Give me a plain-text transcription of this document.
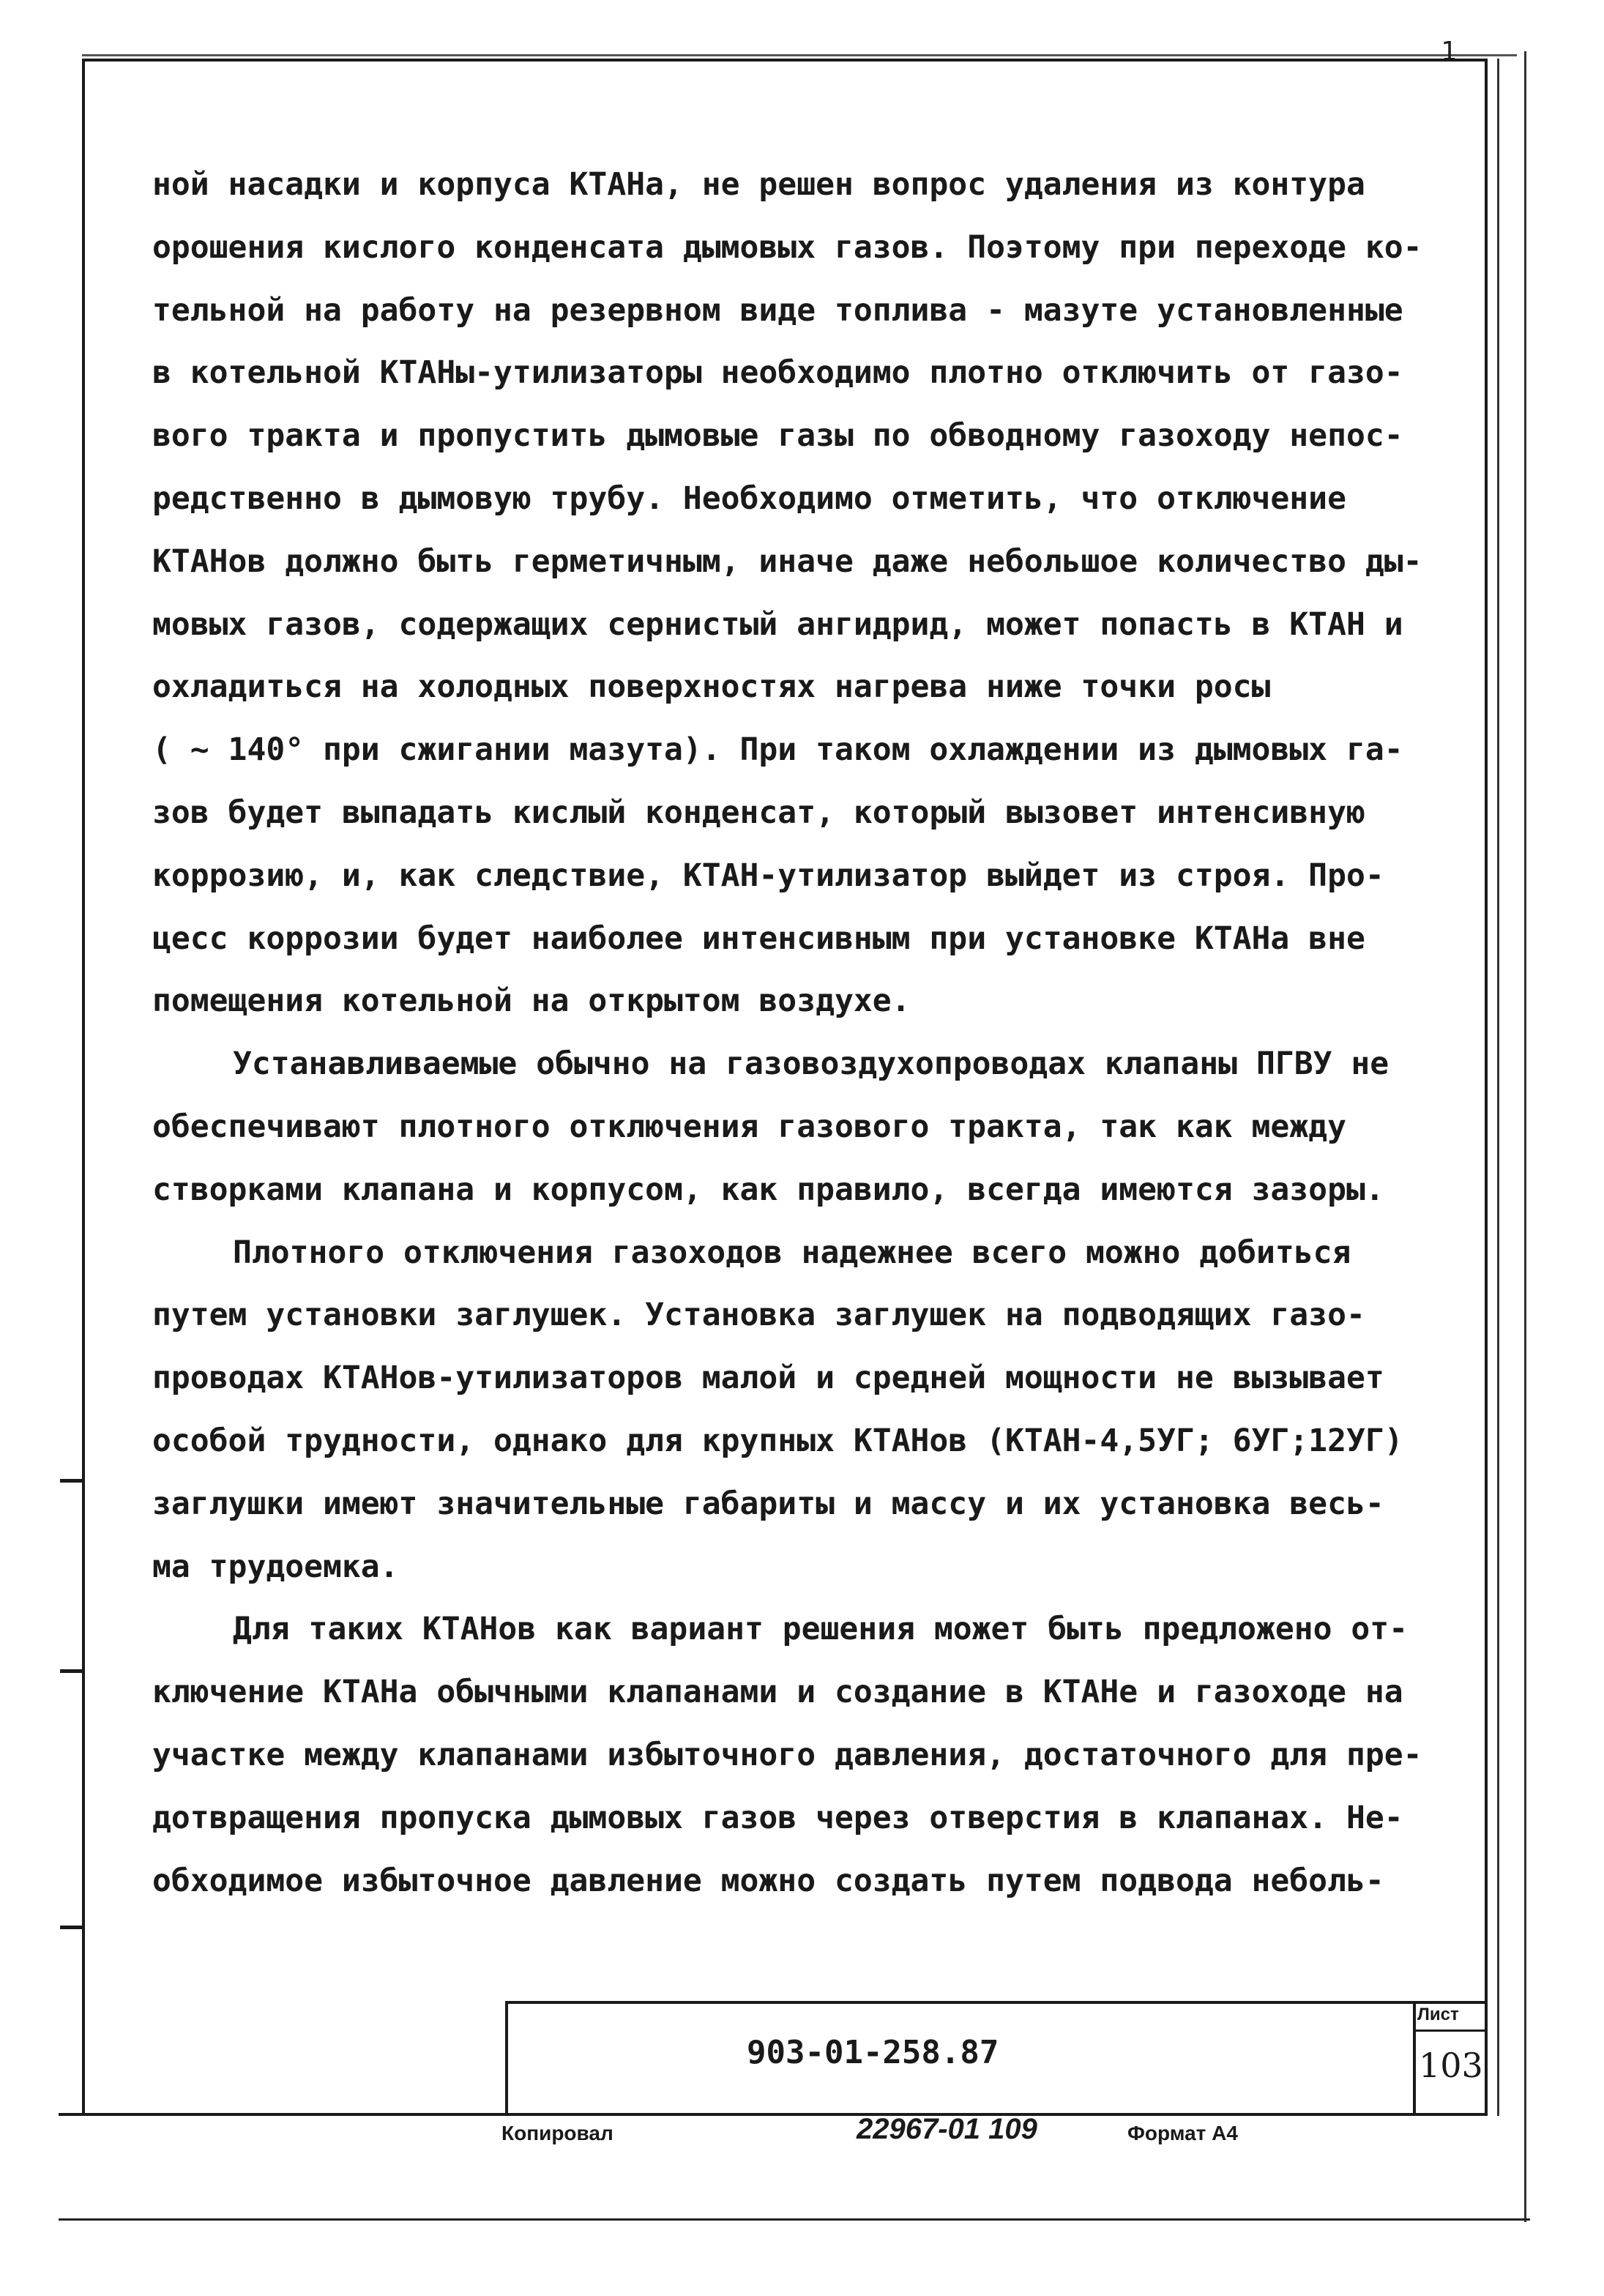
1

ной насадки и корпуса КТАНа, не решен вопрос удаления из контура
орошения кислого конденсата дымовых газов. Поэтому при переходе ко-
тельной на работу на резервном виде топлива - мазуте установленные
в котельной КТАНы-утилизаторы необходимо плотно отключить от газо-
вого тракта и пропустить дымовые газы по обводному газоходу непос-
редственно в дымовую трубу. Необходимо отметить, что отключение
КТАНов должно быть герметичным, иначе даже небольшое количество ды-
мовых газов, содержащих сернистый ангидрид, может попасть в КТАН и
охладиться на холодных поверхностях нагрева ниже точки росы
( ~ 140° при сжигании мазута). При таком охлаждении из дымовых га-
зов будет выпадать кислый конденсат, который вызовет интенсивную
коррозию, и, как следствие, КТАН-утилизатор выйдет из строя. Про-
цесс коррозии будет наиболее интенсивным при установке КТАНа вне
помещения котельной на открытом воздухе.

Устанавливаемые обычно на газовоздухопроводах клапаны ПГВУ не
обеспечивают плотного отключения газового тракта, так как между
створками клапана и корпусом, как правило, всегда имеются зазоры.

Плотного отключения газоходов надежнее всего можно добиться
путем установки заглушек. Установка заглушек на подводящих газо-
проводах КТАНов-утилизаторов малой и средней мощности не вызывает
особой трудности, однако для крупных КТАНов (КТАН-4,5УГ; 6УГ;12УГ)
заглушки имеют значительные габариты и массу и их установка весь-
ма трудоемка.

Для таких КТАНов как вариант решения может быть предложено от-
ключение КТАНа обычными клапанами и создание в КТАНе и газоходе на
участке между клапанами избыточного давления, достаточного для пре-
дотвращения пропуска дымовых газов через отверстия в клапанах. Не-
обходимое избыточное давление можно создать путем подвода неболь-

903-01-258.87
Лист
103
Копировал	22967-01 109	Формат А4
